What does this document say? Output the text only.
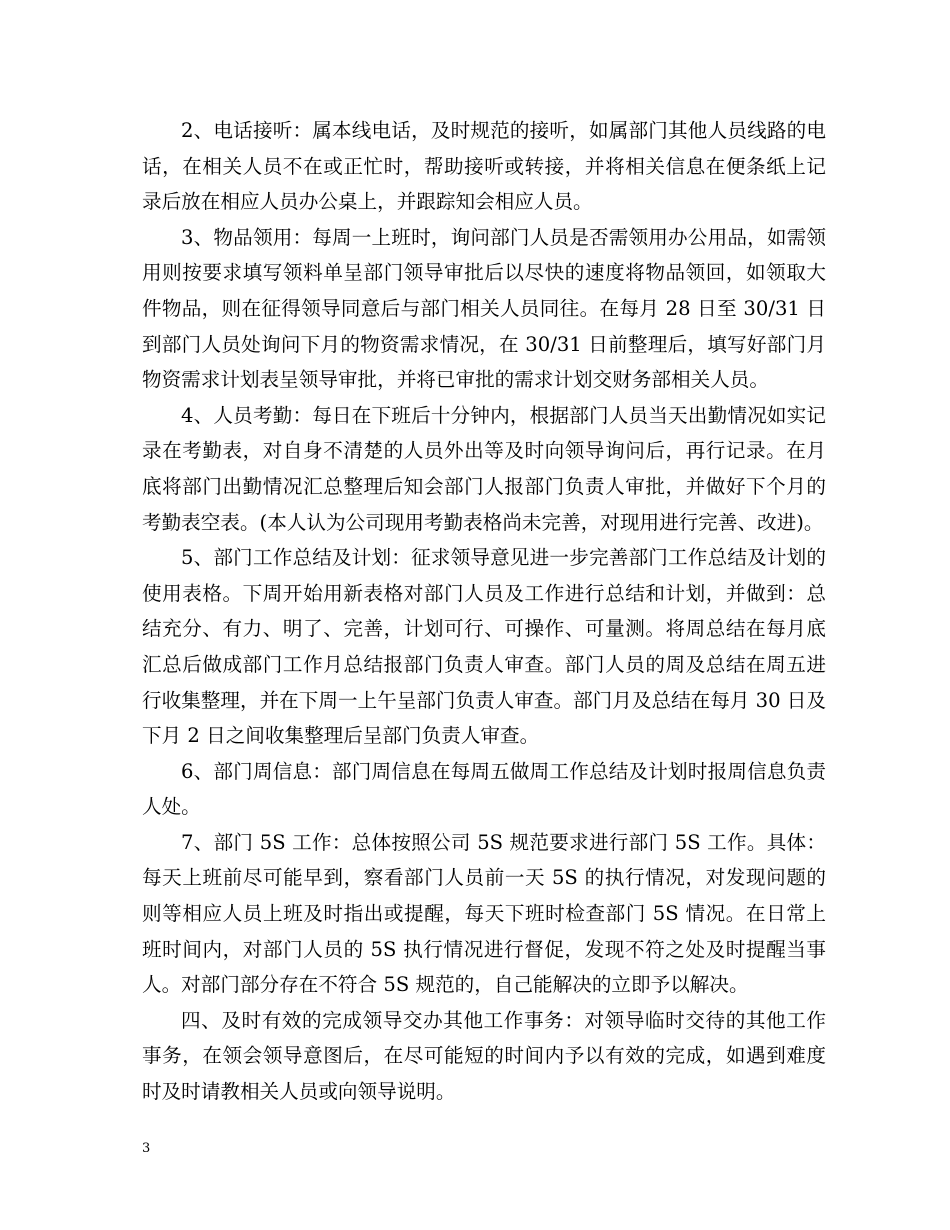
2、电话接听：属本线电话，及时规范的接听，如属部门其他人员线路的电话，在相关人员不在或正忙时，帮助接听或转接，并将相关信息在便条纸上记录后放在相应人员办公桌上，并跟踪知会相应人员。

3、物品领用：每周一上班时，询问部门人员是否需领用办公用品，如需领用则按要求填写领料单呈部门领导审批后以尽快的速度将物品领回，如领取大件物品，则在征得领导同意后与部门相关人员同往。在每月 28 日至 30/31 日到部门人员处询问下月的物资需求情况，在 30/31 日前整理后，填写好部门月物资需求计划表呈领导审批，并将已审批的需求计划交财务部相关人员。

4、人员考勤：每日在下班后十分钟内，根据部门人员当天出勤情况如实记录在考勤表，对自身不清楚的人员外出等及时向领导询问后，再行记录。在月底将部门出勤情况汇总整理后知会部门人报部门负责人审批，并做好下个月的考勤表空表。(本人认为公司现用考勤表格尚未完善，对现用进行完善、改进)。

5、部门工作总结及计划：征求领导意见进一步完善部门工作总结及计划的使用表格。下周开始用新表格对部门人员及工作进行总结和计划，并做到：总结充分、有力、明了、完善，计划可行、可操作、可量测。将周总结在每月底汇总后做成部门工作月总结报部门负责人审查。部门人员的周及总结在周五进行收集整理，并在下周一上午呈部门负责人审查。部门月及总结在每月 30 日及下月 2 日之间收集整理后呈部门负责人审查。

6、部门周信息：部门周信息在每周五做周工作总结及计划时报周信息负责人处。

7、部门 5S 工作：总体按照公司 5S 规范要求进行部门 5S 工作。具体：每天上班前尽可能早到，察看部门人员前一天 5S 的执行情况，对发现问题的则等相应人员上班及时指出或提醒，每天下班时检查部门 5S 情况。在日常上班时间内，对部门人员的 5S 执行情况进行督促，发现不符之处及时提醒当事人。对部门部分存在不符合 5S 规范的，自己能解决的立即予以解决。

四、及时有效的完成领导交办其他工作事务：对领导临时交待的其他工作事务，在领会领导意图后，在尽可能短的时间内予以有效的完成，如遇到难度时及时请教相关人员或向领导说明。

3
